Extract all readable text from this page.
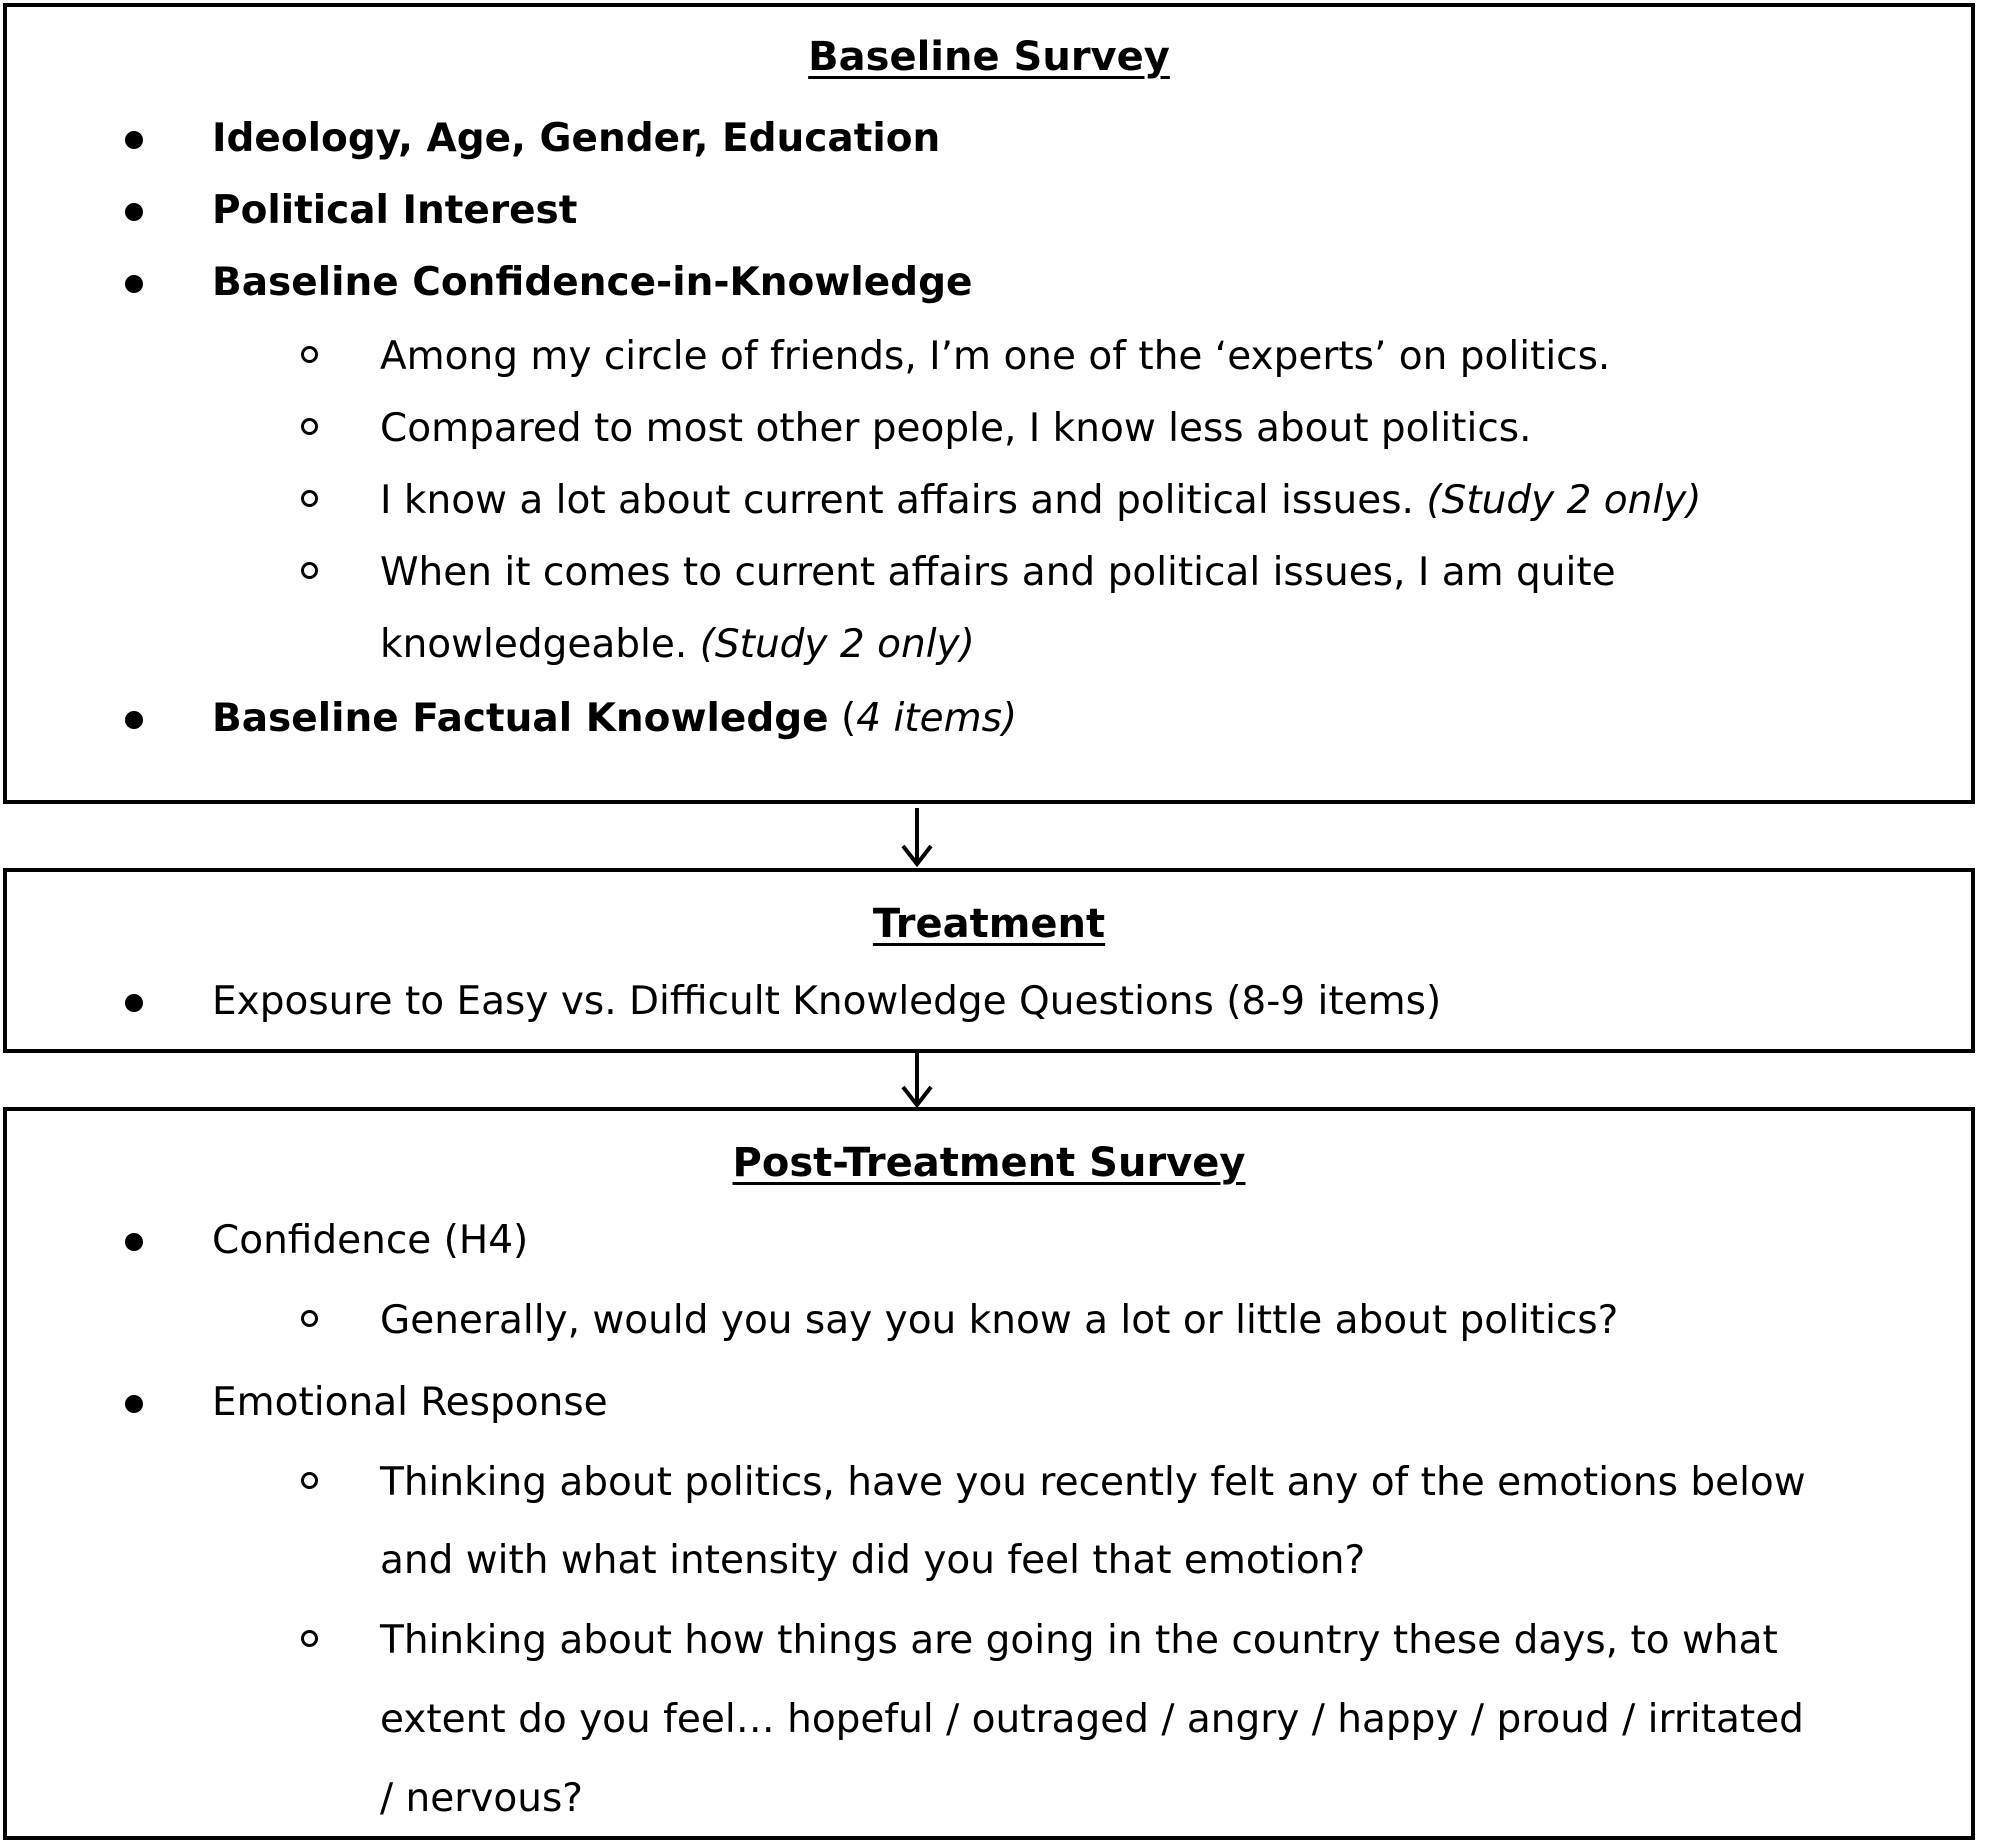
Baseline Survey
Ideology, Age, Gender, Education
Political Interest
Baseline Confidence-in-Knowledge
Among my circle of friends, I’m one of the ‘experts’ on politics.
Compared to most other people, I know less about politics.
I know a lot about current affairs and political issues. (Study 2 only)
When it comes to current affairs and political issues, I am quite
knowledgeable. (Study 2 only)
Baseline Factual Knowledge (4 items)
Treatment
Exposure to Easy vs. Difficult Knowledge Questions (8-9 items)
Post-Treatment Survey
Confidence (H4)
Generally, would you say you know a lot or little about politics?
Emotional Response
Thinking about politics, have you recently felt any of the emotions below
and with what intensity did you feel that emotion?
Thinking about how things are going in the country these days, to what
extent do you feel… hopeful / outraged / angry / happy / proud / irritated
/ nervous?
